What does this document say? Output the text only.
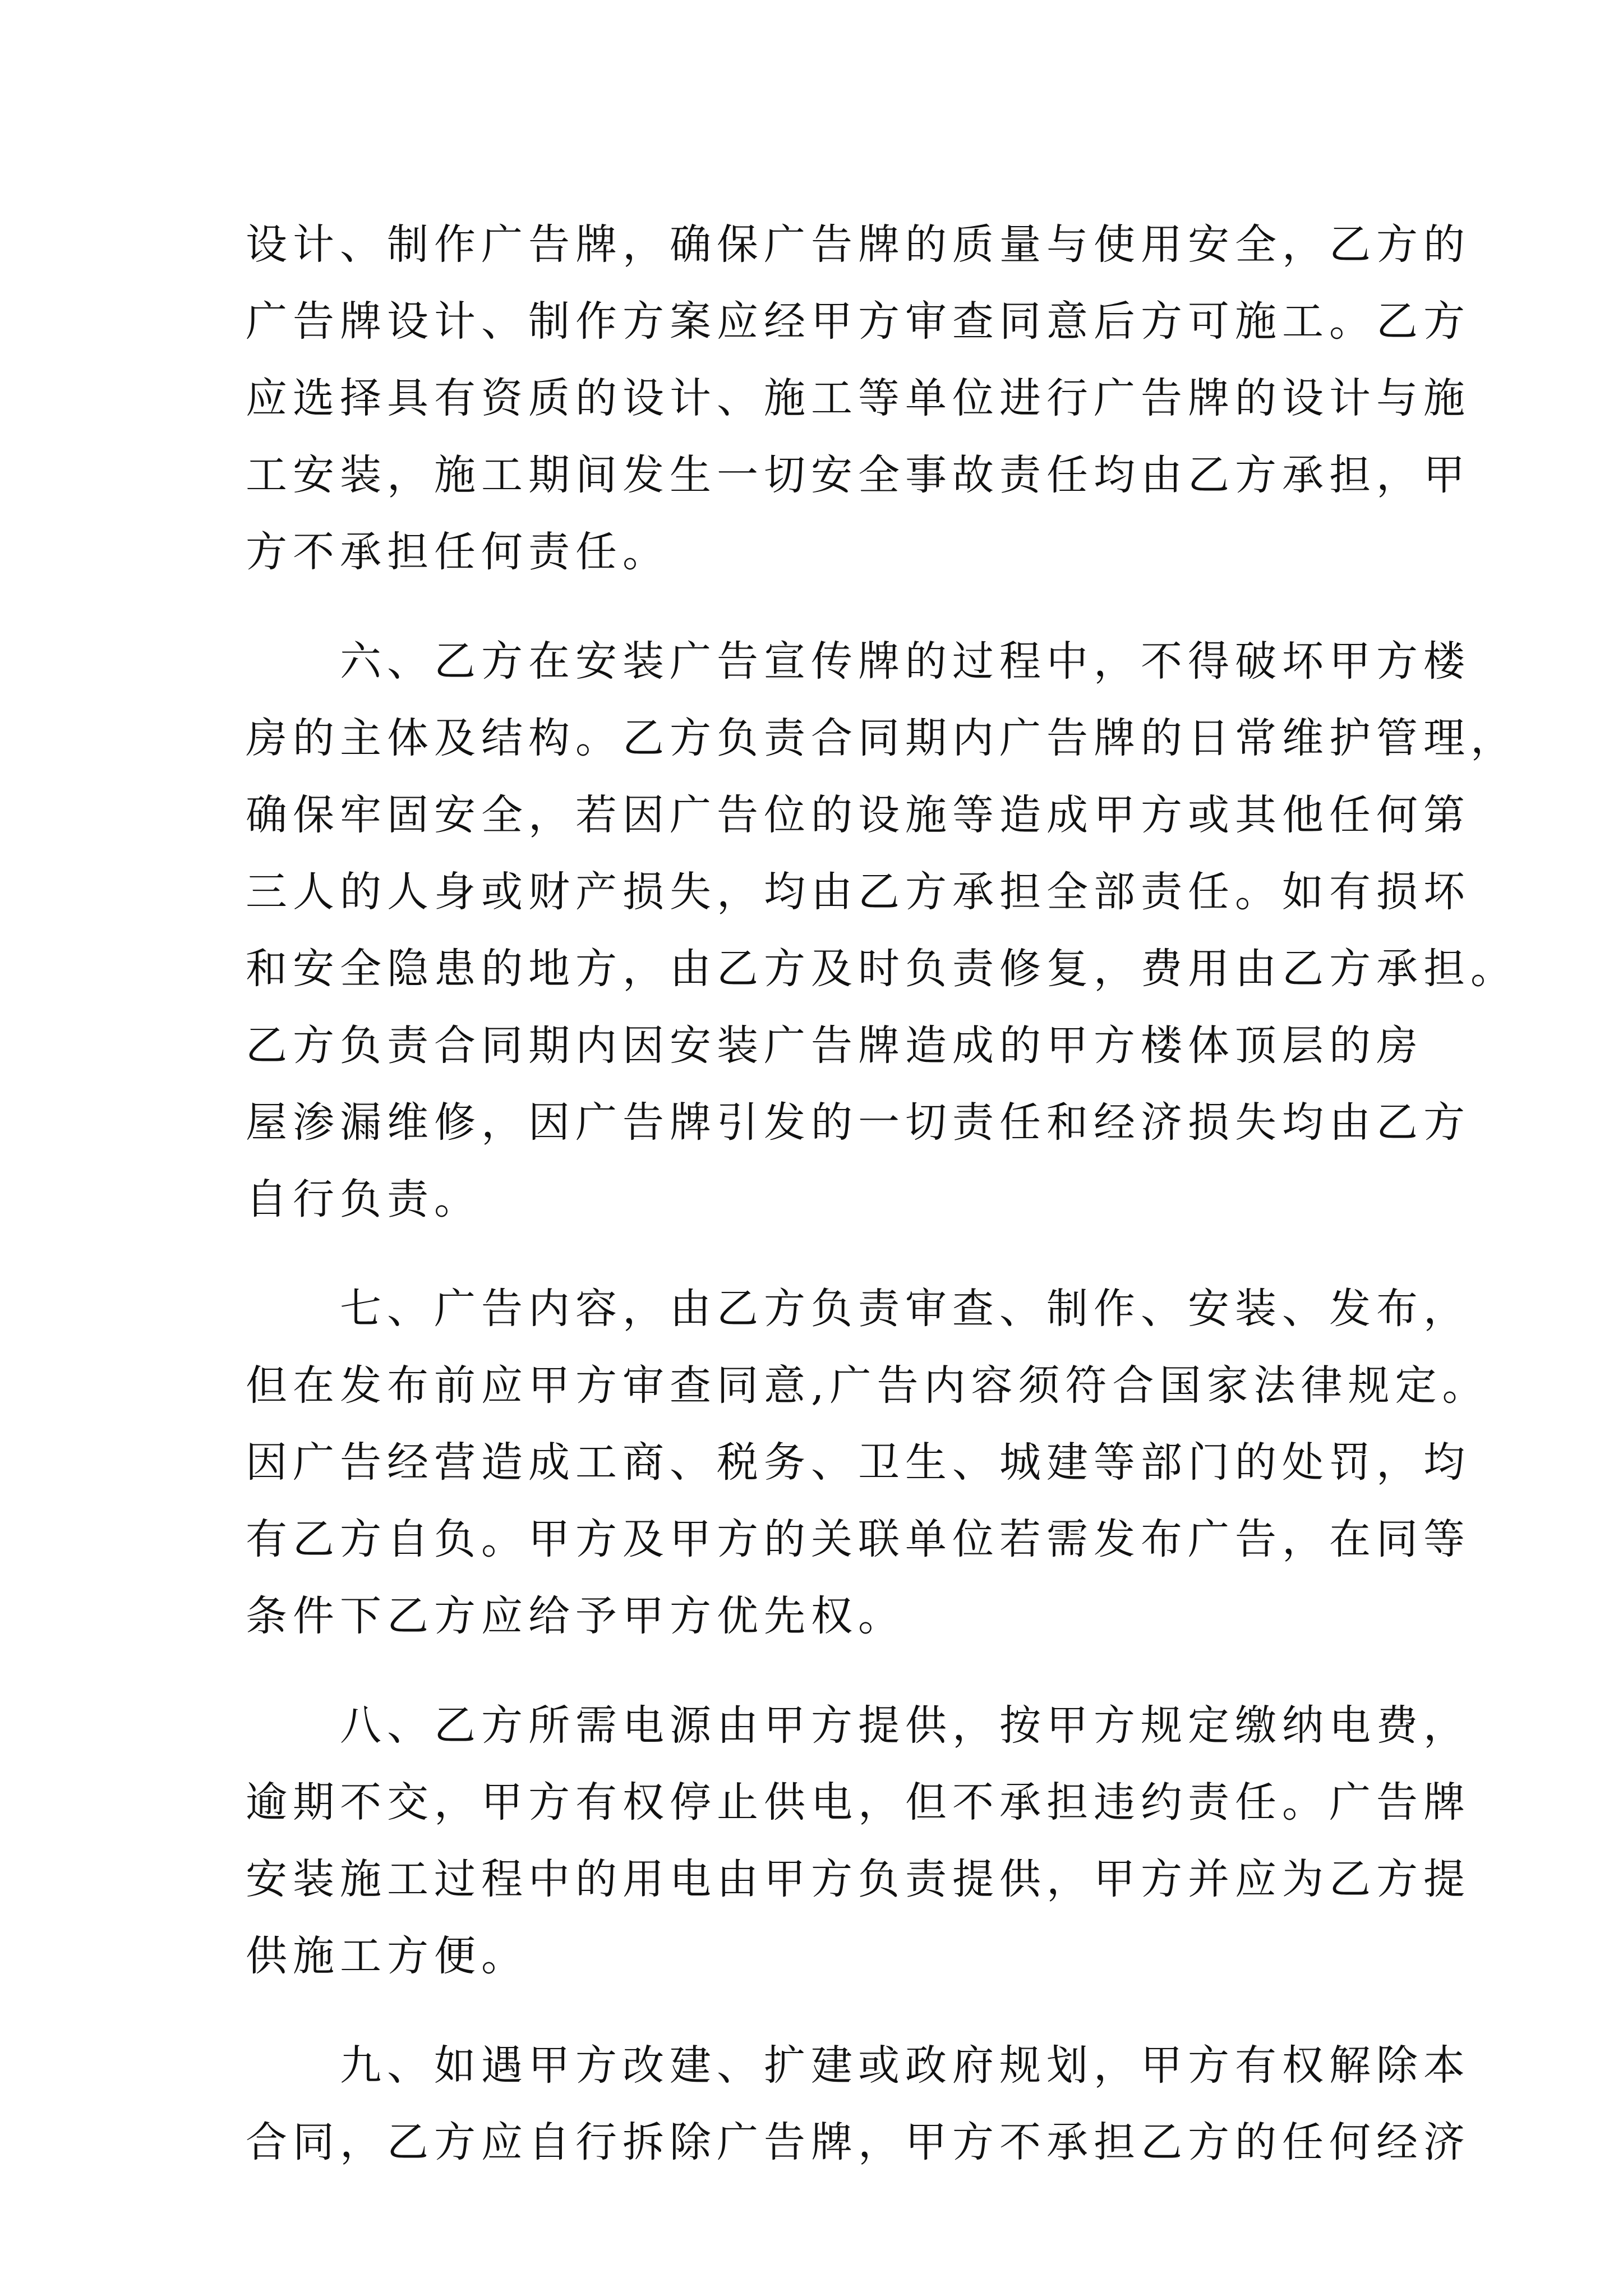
设计、制作广告牌，确保广告牌的质量与使用安全，乙方的
广告牌设计、制作方案应经甲方审查同意后方可施工。乙方
应选择具有资质的设计、施工等单位进行广告牌的设计与施
工安装，施工期间发生一切安全事故责任均由乙方承担，甲
方不承担任何责任。
六、乙方在安装广告宣传牌的过程中，不得破坏甲方楼
房的主体及结构。乙方负责合同期内广告牌的日常维护管理，
确保牢固安全，若因广告位的设施等造成甲方或其他任何第
三人的人身或财产损失，均由乙方承担全部责任。如有损坏
和安全隐患的地方，由乙方及时负责修复，费用由乙方承担。
乙方负责合同期内因安装广告牌造成的甲方楼体顶层的房
屋渗漏维修，因广告牌引发的一切责任和经济损失均由乙方
自行负责。
七、广告内容，由乙方负责审查、制作、安装、发布，
但在发布前应甲方审查同意,广告内容须符合国家法律规定。
因广告经营造成工商、税务、卫生、城建等部门的处罚，均
有乙方自负。甲方及甲方的关联单位若需发布广告，在同等
条件下乙方应给予甲方优先权。
八、乙方所需电源由甲方提供，按甲方规定缴纳电费，
逾期不交，甲方有权停止供电，但不承担违约责任。广告牌
安装施工过程中的用电由甲方负责提供，甲方并应为乙方提
供施工方便。
九、如遇甲方改建、扩建或政府规划，甲方有权解除本
合同，乙方应自行拆除广告牌，甲方不承担乙方的任何经济
